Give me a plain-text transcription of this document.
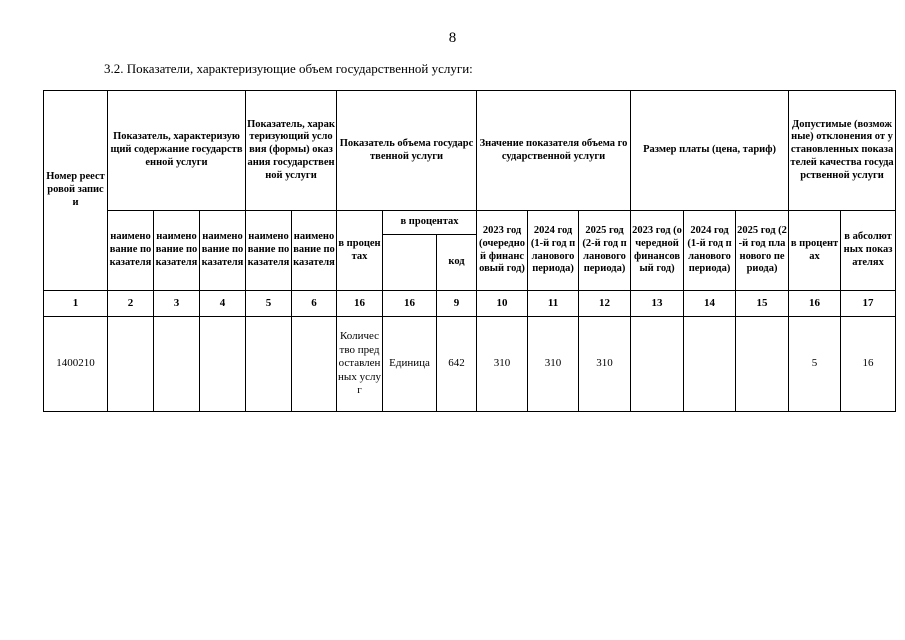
8
3.2. Показатели, характеризующие объем государственной услуги:
Номер реестровой записи	Показатель, характеризующий содержание государственной услуги			Показатель, характеризующий условия (формы) оказания государственной услуги		Показатель объема государственной услуги			Значение показателя объема государственной услуги			Размер платы (цена, тариф)			Допустимые (возможные) отклонения от установленных показателей качества государственной услуги	
	наименование показателя	наименование показателя	наименование показателя	наименование показателя	наименование показателя	в процентах	в процентах		2023 год (очередной финансовый год)	2024 год (1-й год планового периода)	2025 год (2-й год планового периода)	2023 год (очередной финансовый год)	2024 год (1-й год планового периода)	2025 год (2-й год планового периода)	в процентах	в абсолютных показателях
								код								
1	2	3	4	5	6	16	16	9	10	11	12	13	14	15	16	17
1400210						Количество предоставленных услуг	Единица	642	310	310	310				5	16
